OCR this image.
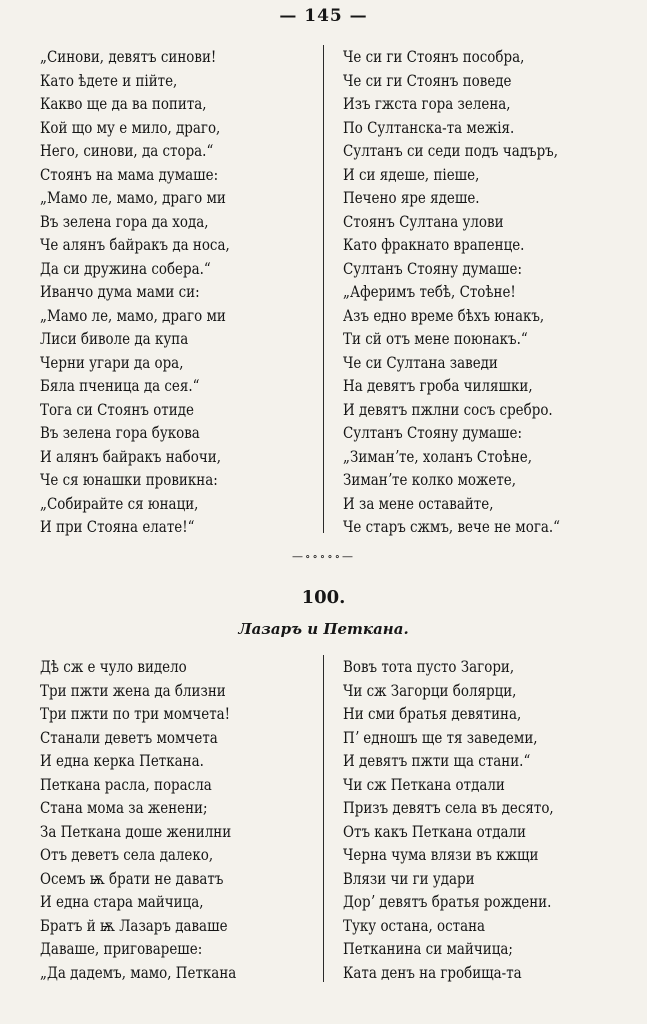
— 145 —
„Синови, девятъ синови!
Като ѣдете и пiйте,
Какво ще да ва попита,
Кой що му е мило, драго,
Него, синови, да стора.“
Стоянъ на мама думаше:
„Мамо ле, мамо, драго ми
Въ зелена гора да хода,
Че алянъ байракъ да носа,
Да си дружина собера.“
Иванчо дума мами си:
„Мамо ле, мамо, драго ми
Лиси биволе да купа
Черни угари да ора,
Бяла пченица да сея.“
Тога си Стоянъ отиде
Въ зелена гора букова
И алянъ байракъ набочи,
Че ся юнашки провикна:
„Собирайте ся юнаци,
И при Стояна елате!“
Че си ги Стоянъ пособра,
Че си ги Стоянъ поведе
Изъ гжста гора зелена,
По Султанска-та межiя.
Султанъ си седи подъ чадъръ,
И си ядеше, пiеше,
Печено яре ядеше.
Стоянъ Султана улови
Като фракнато врапенце.
Султанъ Стояну думаше:
„Аферимъ тебѣ, Стоѣне!
Азъ едно време бѣхъ юнакъ,
Ти сй отъ мене поюнакъ.“
Че си Султана заведи
На девятъ гроба чиляшки,
И девятъ пжлни сосъ сребро.
Султанъ Стояну думаше:
„Зиманʼте, холанъ Стоѣне,
Зиманʼте колко можете,
И за мене оставайте,
Че старъ сжмъ, вече не мога.“
—∘∘∘∘∘—
100.
Лазаръ и Петкана.
Дѣ сж е чуло видело
Три пжти жена да близни
Три пжти по три момчета!
Станали деветъ момчета
И една керка Петкана.
Петкана расла, порасла
Стана мома за женени;
За Петкана доше женилни
Отъ деветъ села далеко,
Осемъ ѭ брати не даватъ
И една стара майчица,
Братъ й ѭ Лазаръ даваше
Даваше, приговареше:
„Да дадемъ, мамо, Петкана
Вовъ тота пусто Загори,
Чи сж Загорци болярци,
Ни сми братья девятина,
Пʼ едношъ ще тя заведеми,
И девятъ пжти ща стани.“
Чи сж Петкана отдали
Призъ девятъ села въ десято,
Отъ какъ Петкана отдали
Черна чума влязи въ кжщи
Влязи чи ги удари
Дорʼ девятъ братья рождени.
Туку остана, остана
Петканина си майчица;
Ката денъ на гробища-та
